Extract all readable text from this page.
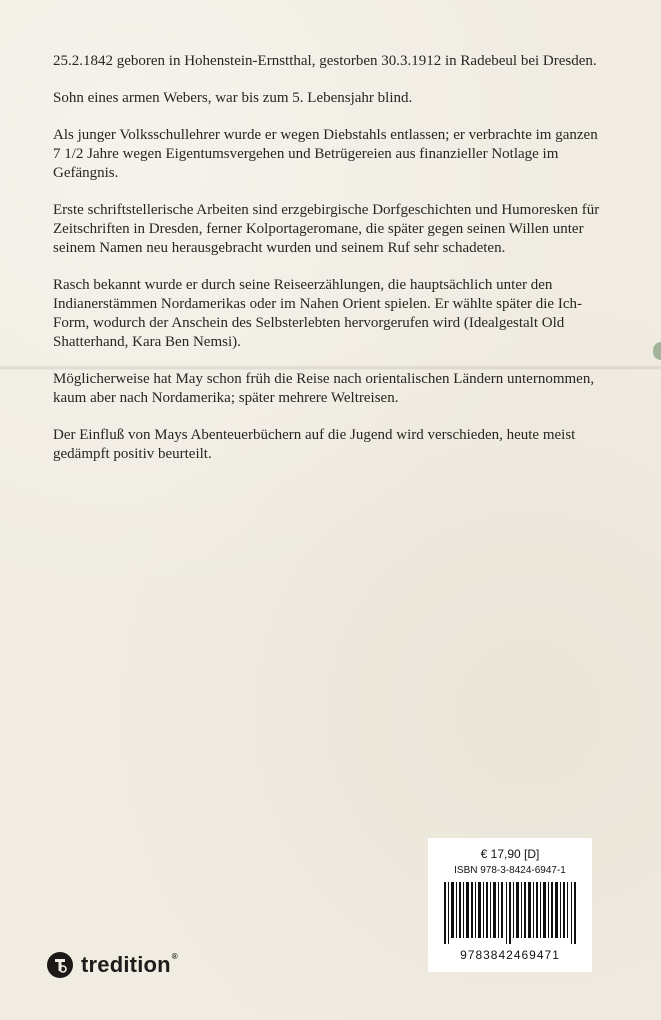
25.2.1842 geboren in Hohenstein-Ernstthal, gestorben 30.3.1912 in Radebeul bei Dresden.

Sohn eines armen Webers, war bis zum 5. Lebensjahr blind.

Als junger Volksschullehrer wurde er wegen Diebstahls entlassen; er verbrachte im ganzen 7 1/2 Jahre wegen Eigentumsvergehen und Betrügereien aus finanzieller Notlage im Gefängnis.

Erste schriftstellerische Arbeiten sind erzgebirgische Dorfgeschichten und Humoresken für Zeitschriften in Dresden, ferner Kolportageromane, die später gegen seinen Willen unter seinem Namen neu herausgebracht wurden und seinem Ruf sehr schadeten.

Rasch bekannt wurde er durch seine Reiseerzählungen, die hauptsächlich unter den Indianerstämmen Nordamerikas oder im Nahen Orient spielen. Er wählte später die Ich-Form, wodurch der Anschein des Selbsterlebten hervorgerufen wird (Idealgestalt Old Shatterhand, Kara Ben Nemsi).

Möglicherweise hat May schon früh die Reise nach orientalischen Ländern unternommen, kaum aber nach Nordamerika; später mehrere Weltreisen.

Der Einfluß von Mays Abenteuerbüchern auf die Jugend wird verschieden, heute meist gedämpft positiv beurteilt.

€ 17,90 [D]
ISBN 978-3-8424-6947-1
9783842469471
tredition®
